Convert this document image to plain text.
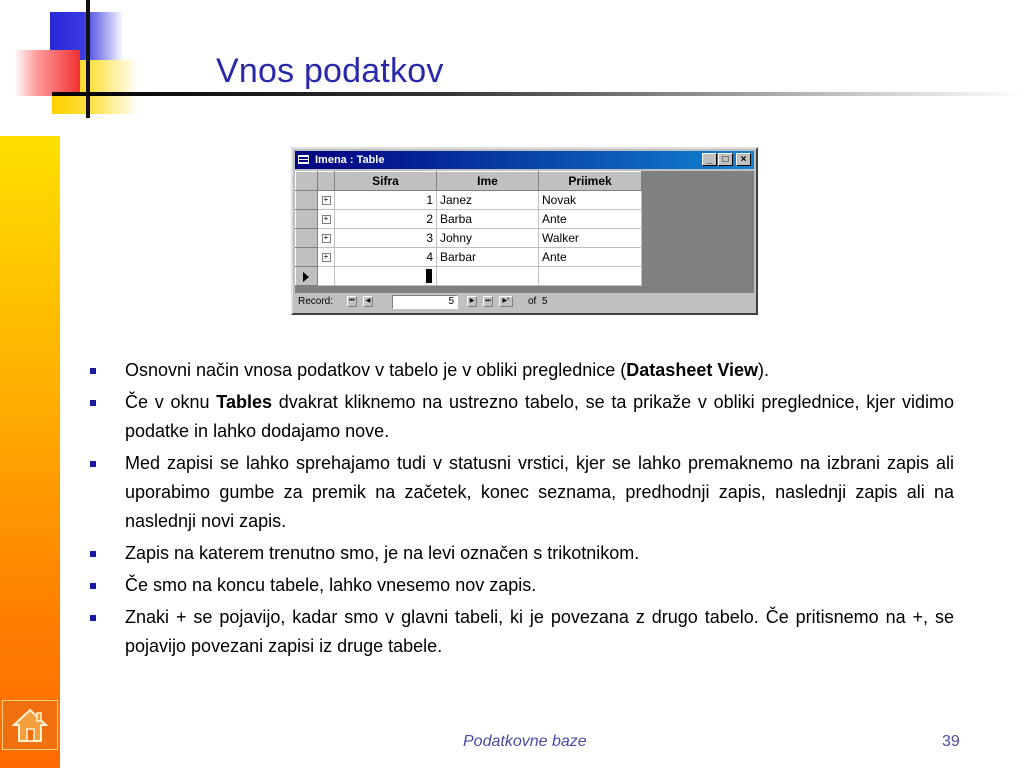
Vnos podatkov
Imena : Table	_	□	×
		Sifra	Ime	Priimek
	+	1	Janez	Novak
	+	2	Barba	Ante
	+	3	Johny	Walker
	+	4	Barbar	Ante

Record:	⏮	◀	5	▶	⏭	▶*	of 5
Osnovni način vnosa podatkov v tabelo je v obliki preglednice (Datasheet View).
Če v oknu Tables dvakrat kliknemo na ustrezno tabelo, se ta prikaže v obliki preglednice, kjer vidimo podatke in lahko dodajamo nove.
Med zapisi se lahko sprehajamo tudi v statusni vrstici, kjer se lahko premaknemo na izbrani zapis ali uporabimo gumbe za premik na začetek, konec seznama, predhodnji zapis, naslednji zapis ali na naslednji novi zapis.
Zapis na katerem trenutno smo, je na levi označen s trikotnikom.
Če smo na koncu tabele, lahko vnesemo nov zapis.
Znaki + se pojavijo, kadar smo v glavni tabeli, ki je povezana z drugo tabelo. Če pritisnemo na +, se pojavijo povezani zapisi iz druge tabele.
Podatkovne baze	39
